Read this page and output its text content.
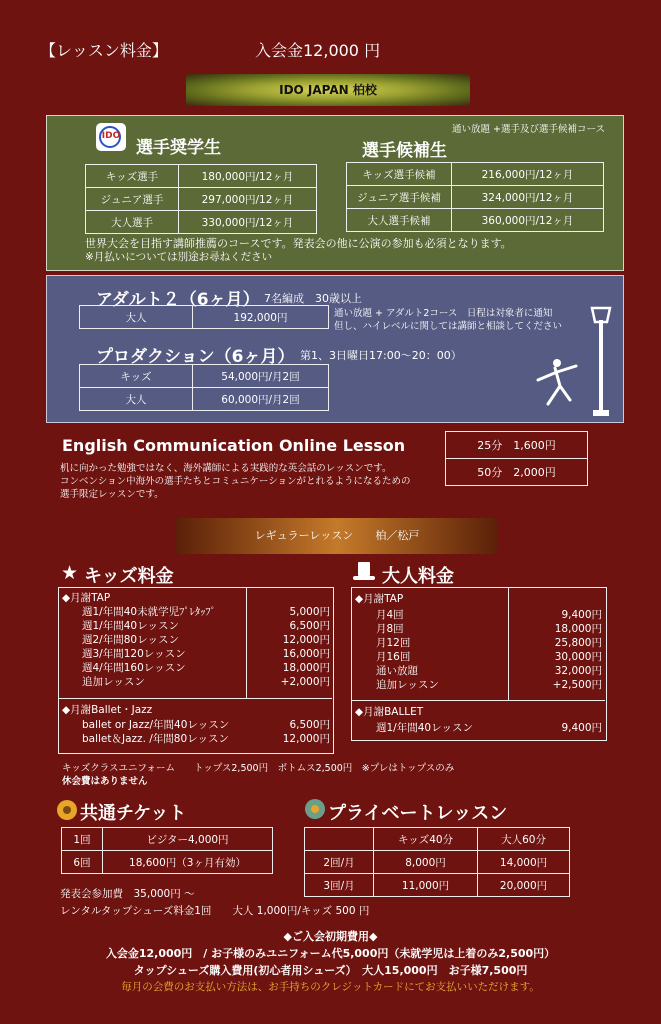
【レッスン料金】	入会金12,000 円
IDO JAPAN 柏校
IDO
選手奨学生
通い放題 +選手及び選手候補コース
選手候補生
キッズ選手	180,000円/12ヶ月
ジュニア選手	297,000円/12ヶ月
大人選手	330,000円/12ヶ月
キッズ選手候補	216,000円/12ヶ月
ジュニア選手候補	324,000円/12ヶ月
大人選手候補	360,000円/12ヶ月
世界大会を目指す講師推薦のコースです。発表会の他に公演の参加も必須となります。
※月払いについては別途お尋ねください
アダルト２（6ヶ月） 7名編成　30歳以上
大人	192,000円	通い放題 + アダルト2コース　日程は対象者に通知
但し、ハイレベルに関しては講師と相談してください
プロダクション（6ヶ月） 第1、3日曜日17:00〜20：00）
キッズ	54,000円/月2回
大人	60,000円/月2回
English Communication Online Lesson
机に向かった勉強ではなく、海外講師による実践的な英会話のレッスンです。
コンベンション中海外の選手たちとコミュニケーションがとれるようになるための
選手限定レッスンです。
25分　1,600円
50分　2,000円
レギュラーレッスン　　柏／松戸
★ キッズ料金
◆月謝TAP
週1/年間40未就学児ﾌﾟﾚﾀｯﾌﾟ	5,000円
週1/年間40レッスン	6,500円
週2/年間80レッスン	12,000円
週3/年間120レッスン	16,000円
週4/年間160レッスン	18,000円
追加レッスン	+2,000円
◆月謝Ballet・Jazz
ballet or Jazz/年間40レッスン	6,500円
ballet＆Jazz. /年間80レッスン	12,000円
キッズクラスユニフォーム　　トップス2,500円　ボトムス2,500円　※プレはトップスのみ
休会費はありません
大人料金
◆月謝TAP
月4回	9,400円
月8回	18,000円
月12回	25,800円
月16回	30,000円
通い放題	32,000円
追加レッスン	+2,500円
◆月謝BALLET
週1/年間40レッスン	9,400円
共通チケット
1回	ビジター4,000円
6回	18,600円（3ヶ月有効）
プライベートレッスン
	キッズ40分	大人60分
2回/月	8,000円	14,000円
3回/月	11,000円	20,000円
発表会参加費　35,000円 〜
レンタルタップシューズ料金1回　　大人 1,000円/キッズ 500 円
◆ご入会初期費用◆
入会金12,000円　/ お子様のみユニフォーム代5,000円（未就学児は上着のみ2,500円）
タップシューズ購入費用(初心者用シューズ）　大人15,000円　お子様7,500円
毎月の会費のお支払い方法は、お手持ちのクレジットカードにてお支払いいただけます。
